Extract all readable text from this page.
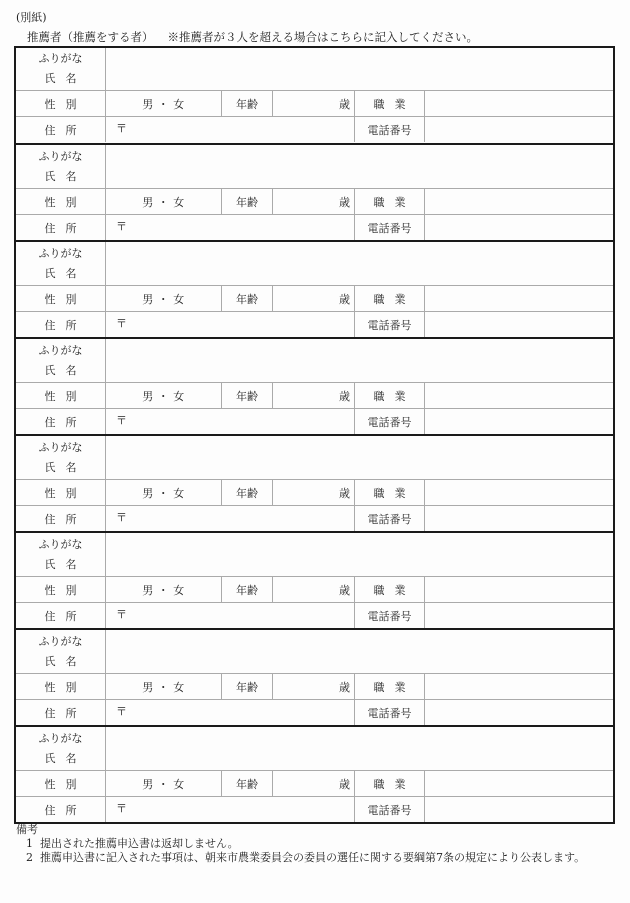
(別紙)
推薦者（推薦をする者） ※推薦者が３人を超える場合はこちらに記入してください。
ふりがな
氏名
性別	男 ・ 女	年齢	歳 職業
住所	〒	電話番号
ふりがな
氏名
性別	男 ・ 女	年齢	歳 職業
住所	〒	電話番号
ふりがな
氏名
性別	男 ・ 女	年齢	歳 職業
住所	〒	電話番号
ふりがな
氏名
性別	男 ・ 女	年齢	歳 職業
住所	〒	電話番号
ふりがな
氏名
性別	男 ・ 女	年齢	歳 職業
住所	〒	電話番号
ふりがな
氏名
性別	男 ・ 女	年齢	歳 職業
住所	〒	電話番号
ふりがな
氏名
性別	男 ・ 女	年齢	歳 職業
住所	〒	電話番号
ふりがな
氏名
性別	男 ・ 女	年齢	歳 職業
住所	〒	電話番号
備考
1 提出された推薦申込書は返却しません。
2 推薦申込書に記入された事項は、朝来市農業委員会の委員の選任に関する要綱第7条の規定により公表します。
